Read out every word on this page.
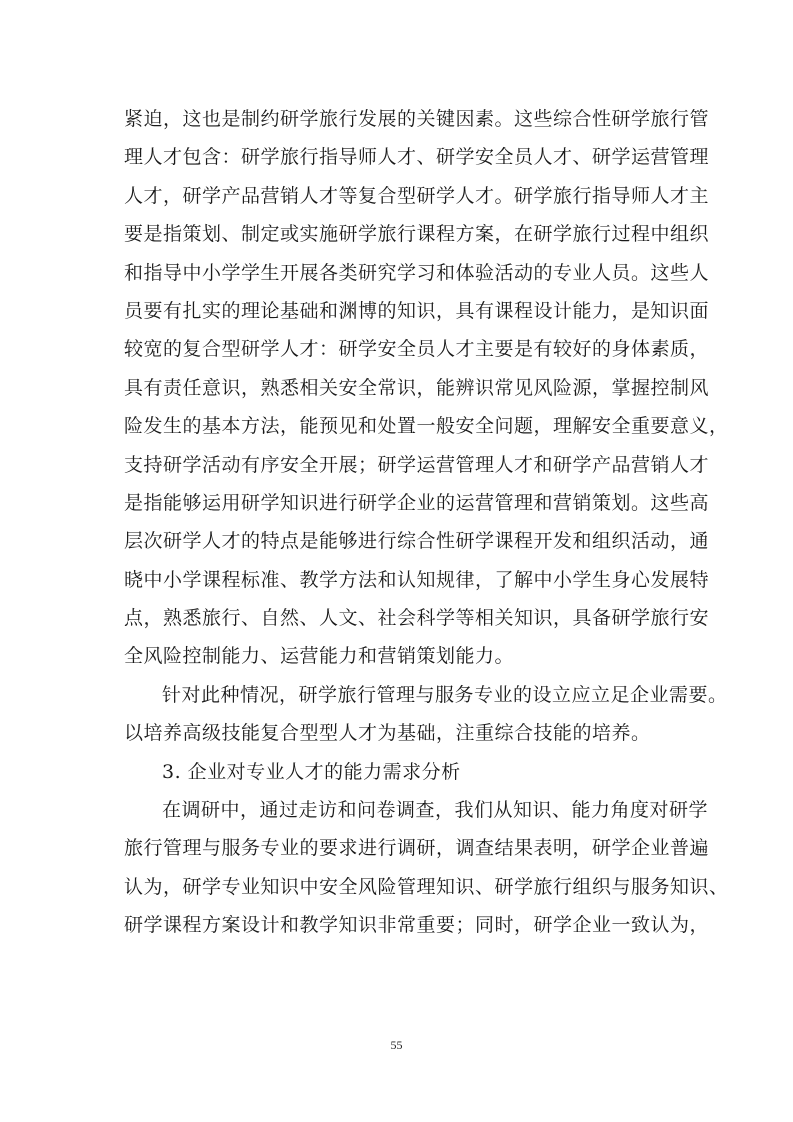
紧迫，这也是制约研学旅行发展的关键因素。这些综合性研学旅行管
理人才包含：研学旅行指导师人才、研学安全员人才、研学运营管理
人才，研学产品营销人才等复合型研学人才。研学旅行指导师人才主
要是指策划、制定或实施研学旅行课程方案，在研学旅行过程中组织
和指导中小学学生开展各类研究学习和体验活动的专业人员。这些人
员要有扎实的理论基础和渊博的知识，具有课程设计能力，是知识面
较宽的复合型研学人才：研学安全员人才主要是有较好的身体素质，
具有责任意识，熟悉相关安全常识，能辨识常见风险源，掌握控制风
险发生的基本方法，能预见和处置一般安全问题，理解安全重要意义，
支持研学活动有序安全开展；研学运营管理人才和研学产品营销人才
是指能够运用研学知识进行研学企业的运营管理和营销策划。这些高
层次研学人才的特点是能够进行综合性研学课程开发和组织活动，通
晓中小学课程标准、教学方法和认知规律，了解中小学生身心发展特
点，熟悉旅行、自然、人文、社会科学等相关知识，具备研学旅行安
全风险控制能力、运营能力和营销策划能力。
针对此种情况，研学旅行管理与服务专业的设立应立足企业需要。
以培养高级技能复合型型人才为基础，注重综合技能的培养。
3. 企业对专业人才的能力需求分析
在调研中，通过走访和问卷调查，我们从知识、能力角度对研学
旅行管理与服务专业的要求进行调研，调查结果表明，研学企业普遍
认为，研学专业知识中安全风险管理知识、研学旅行组织与服务知识、
研学课程方案设计和教学知识非常重要；同时，研学企业一致认为，
55
